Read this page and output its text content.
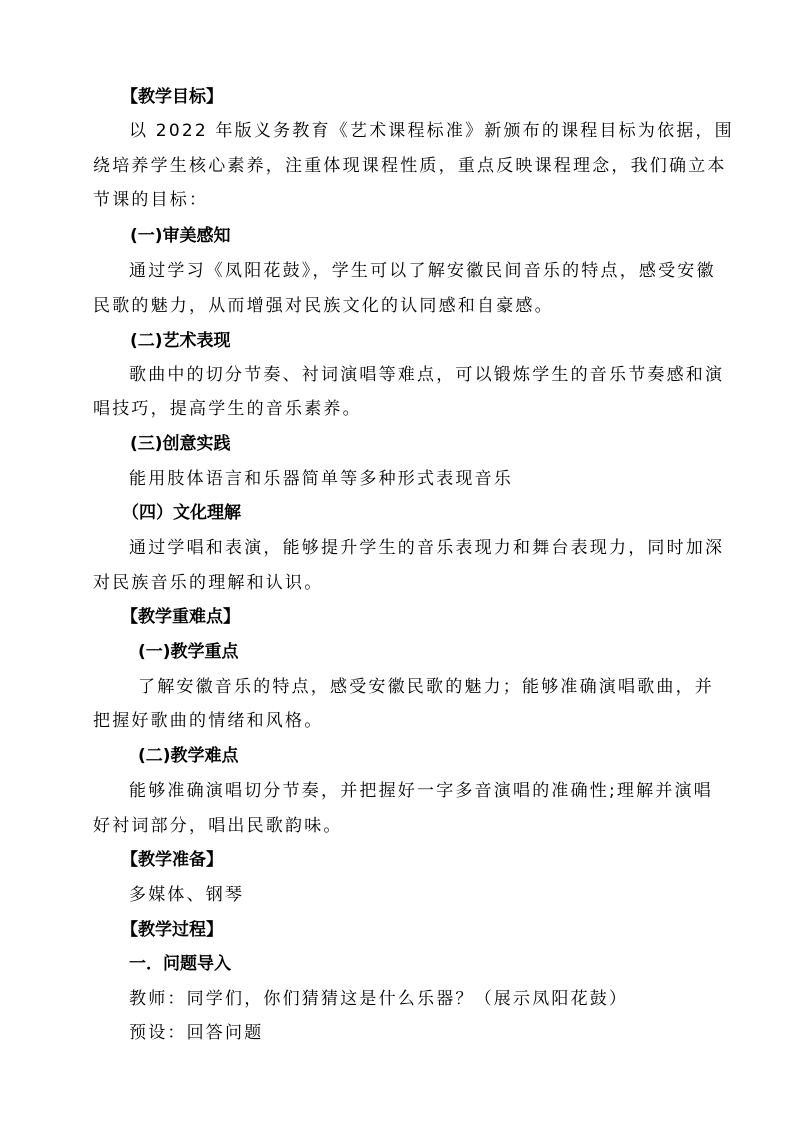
【教学目标】
以 2022 年版义务教育《艺术课程标准》新颁布的课程目标为依据，围
绕培养学生核心素养，注重体现课程性质，重点反映课程理念，我们确立本
节课的目标：
(一)审美感知
通过学习《凤阳花鼓》，学生可以了解安徽民间音乐的特点，感受安徽
民歌的魅力，从而增强对民族文化的认同感和自豪感。
(二)艺术表现
歌曲中的切分节奏、衬词演唱等难点，可以锻炼学生的音乐节奏感和演
唱技巧，提高学生的音乐素养。
(三)创意实践
能用肢体语言和乐器简单等多种形式表现音乐
（四）文化理解
通过学唱和表演，能够提升学生的音乐表现力和舞台表现力，同时加深
对民族音乐的理解和认识。
【教学重难点】
(一)教学重点
了解安徽音乐的特点，感受安徽民歌的魅力；能够准确演唱歌曲，并
把握好歌曲的情绪和风格。
(二)教学难点
能够准确演唱切分节奏，并把握好一字多音演唱的准确性;理解并演唱
好衬词部分，唱出民歌韵味。
【教学准备】
多媒体、钢琴
【教学过程】
一．问题导入
教师：同学们，你们猜猜这是什么乐器？（展示凤阳花鼓）
预设：回答问题
